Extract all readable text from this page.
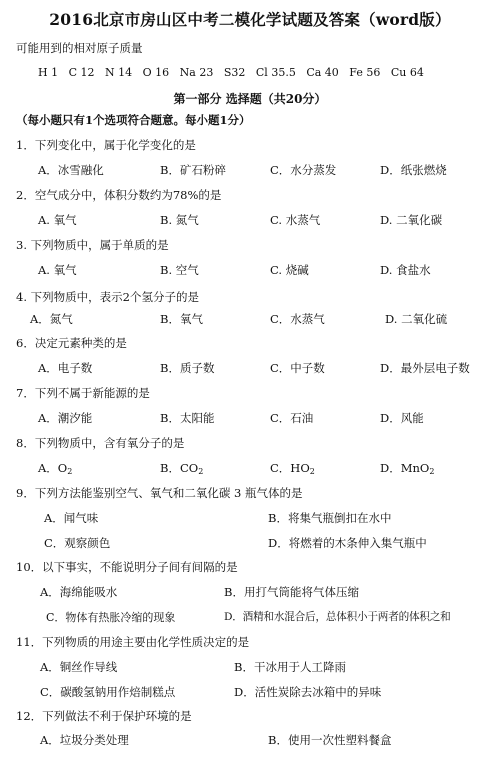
2016北京市房山区中考二模化学试题及答案（word版）
可能用到的相对原子质量
H 1 C 12 N 14 O 16 Na 23 S32 Cl 35.5 Ca 40 Fe 56 Cu 64
第一部分 选择题（共20分）
（每小题只有1个选项符合题意。每小题1分）
1．下列变化中，属于化学变化的是
A．冰雪融化	B．矿石粉碎	C．水分蒸发	D．纸张燃烧
2．空气成分中，体积分数约为78%的是
A. 氧气	B. 氮气	C. 水蒸气	D. 二氧化碳
3. 下列物质中，属于单质的是
A. 氧气	B. 空气	C. 烧碱	D. 食盐水
4. 下列物质中，表示2个氢分子的是
A．氮气	B．氧气	C．水蒸气	D. 二氧化硫
6．决定元素种类的是
A．电子数	B．质子数	C．中子数	D．最外层电子数
7．下列不属于新能源的是
A．潮汐能	B．太阳能	C．石油	D．风能
8．下列物质中，含有氧分子的是
A．$O_2$	B．$CO_2$	C．$HO_2$	D．MnO$_2$
9．下列方法能鉴别空气、氧气和二氧化碳 3 瓶气体的是
A．闻气味	B．将集气瓶倒扣在水中
C．观察颜色	D．将燃着的木条伸入集气瓶中
10．以下事实，不能说明分子间有间隔的是
A．海绵能吸水	B．用打气筒能将气体压缩
C．物体有热胀冷缩的现象	D．酒精和水混合后，总体积小于两者的体积之和
11．下列物质的用途主要由化学性质决定的是
A．铜丝作导线	B．干冰用于人工降雨
C．碳酸氢钠用作焙制糕点	D．活性炭除去冰箱中的异味
12．下列做法不利于保护环境的是
A．垃圾分类处理	B．使用一次性塑料餐盒
